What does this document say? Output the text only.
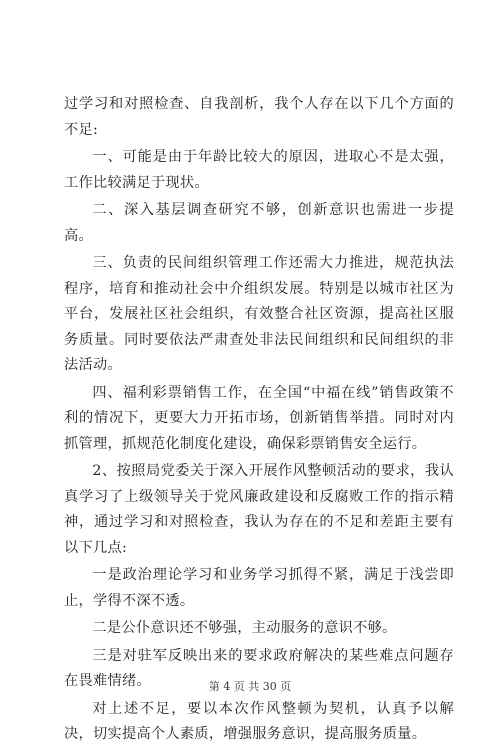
过学习和对照检查、自我剖析，我个人存在以下几个方面的不足:

一、可能是由于年龄比较大的原因，进取心不是太强，工作比较满足于现状。

二、深入基层调查研究不够，创新意识也需进一步提高。

三、负责的民间组织管理工作还需大力推进，规范执法程序，培育和推动社会中介组织发展。特别是以城市社区为平台，发展社区社会组织，有效整合社区资源，提高社区服务质量。同时要依法严肃查处非法民间组织和民间组织的非法活动。

四、福利彩票销售工作，在全国“中福在线”销售政策不利的情况下，更要大力开拓市场，创新销售举措。同时对内抓管理，抓规范化制度化建设，确保彩票销售安全运行。

2、按照局党委关于深入开展作风整顿活动的要求，我认真学习了上级领导关于党风廉政建设和反腐败工作的指示精神，通过学习和对照检查，我认为存在的不足和差距主要有以下几点:

一是政治理论学习和业务学习抓得不紧，满足于浅尝即止，学得不深不透。

二是公仆意识还不够强，主动服务的意识不够。

三是对驻军反映出来的要求政府解决的某些难点问题存在畏难情绪。

对上述不足，要以本次作风整顿为契机，认真予以解决，切实提高个人素质，增强服务意识，提高服务质量。

第 4 页 共 30 页
